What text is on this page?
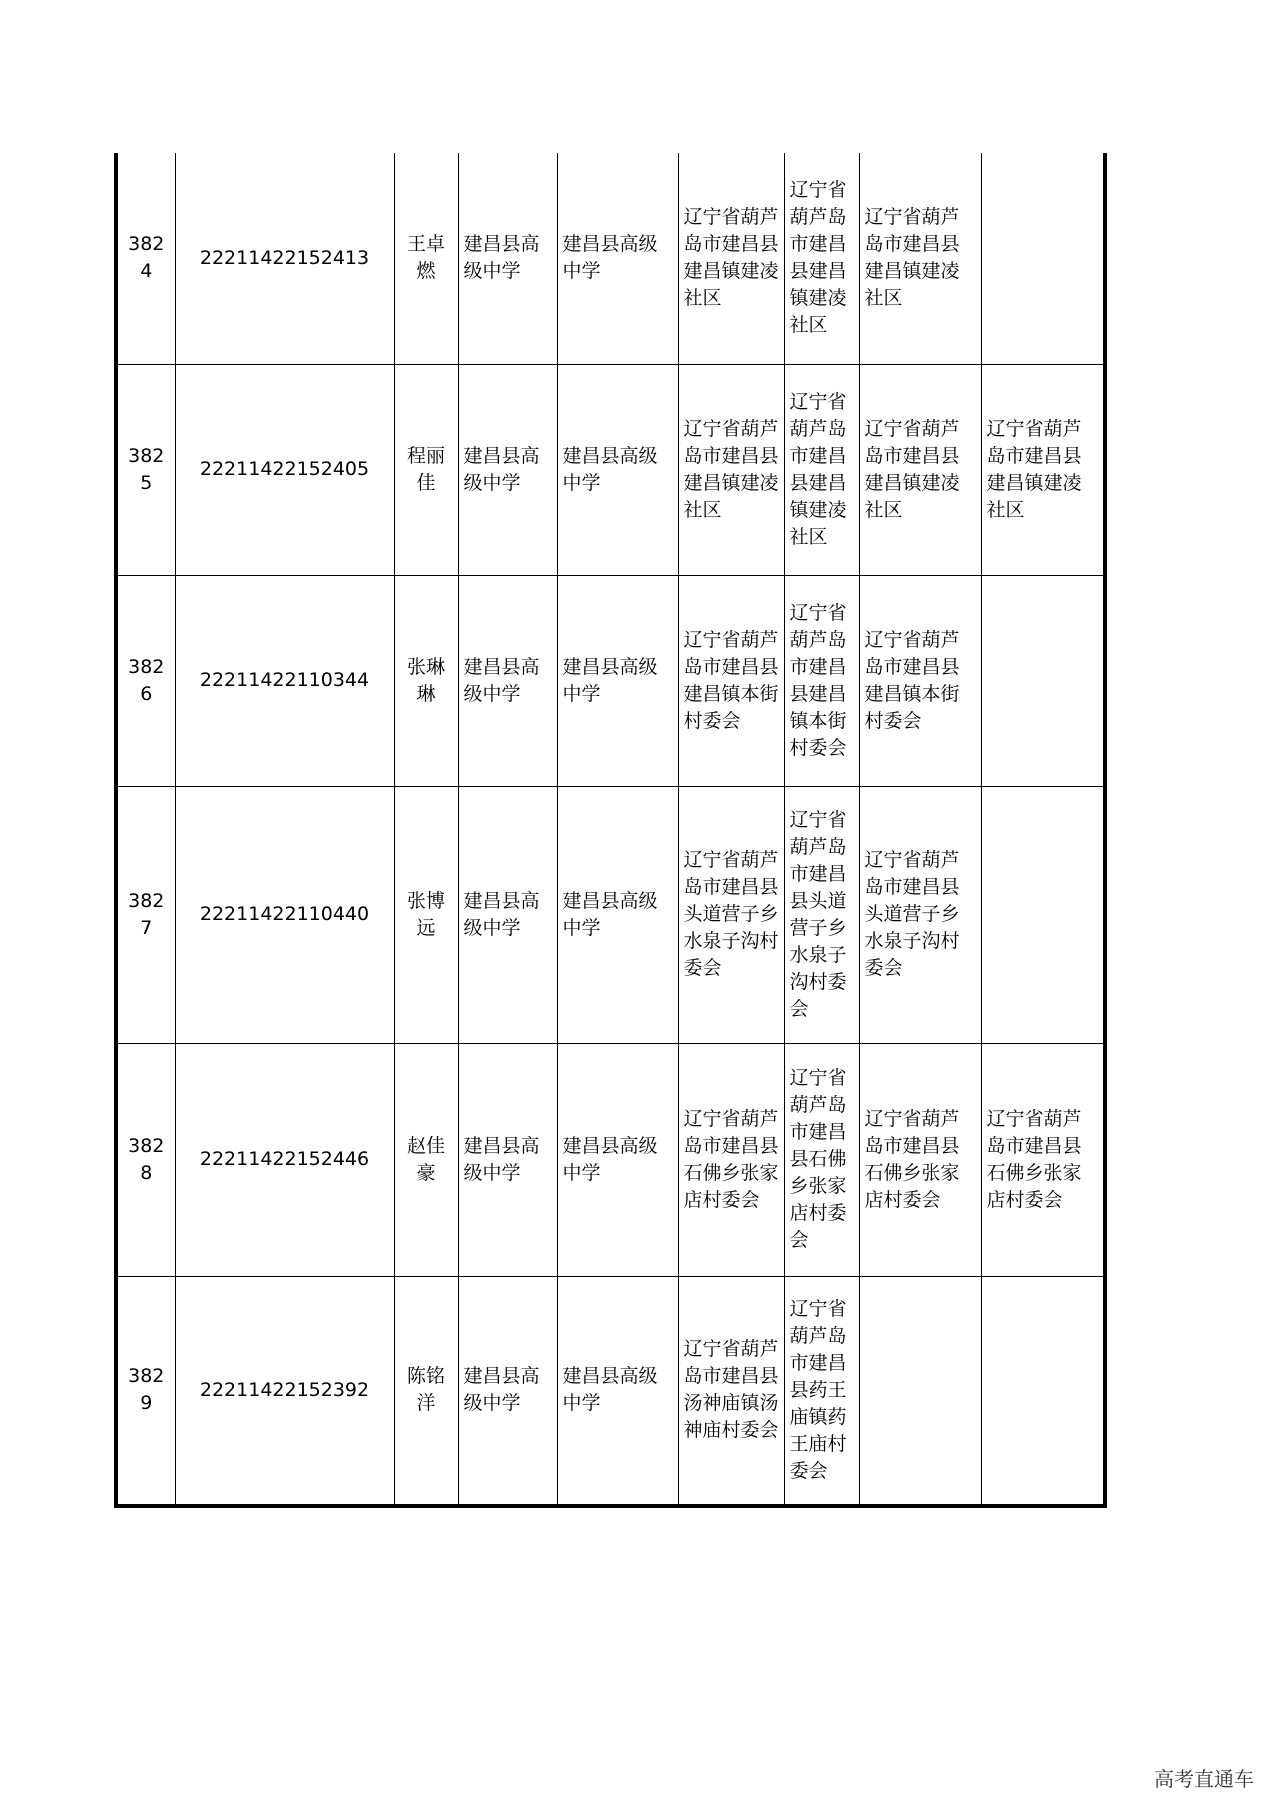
3824	22211422152413	王卓燃	建昌县高级中学	建昌县高级中学	辽宁省葫芦岛市建昌县建昌镇建凌社区	辽宁省葫芦岛市建昌县建昌镇建凌社区	辽宁省葫芦岛市建昌县建昌镇建凌社区	
3825	22211422152405	程丽佳	建昌县高级中学	建昌县高级中学	辽宁省葫芦岛市建昌县建昌镇建凌社区	辽宁省葫芦岛市建昌县建昌镇建凌社区	辽宁省葫芦岛市建昌县建昌镇建凌社区	辽宁省葫芦岛市建昌县建昌镇建凌社区
3826	22211422110344	张琳琳	建昌县高级中学	建昌县高级中学	辽宁省葫芦岛市建昌县建昌镇本街村委会	辽宁省葫芦岛市建昌县建昌镇本街村委会	辽宁省葫芦岛市建昌县建昌镇本街村委会	
3827	22211422110440	张博远	建昌县高级中学	建昌县高级中学	辽宁省葫芦岛市建昌县头道营子乡水泉子沟村委会	辽宁省葫芦岛市建昌县头道营子乡水泉子沟村委会	辽宁省葫芦岛市建昌县头道营子乡水泉子沟村委会	
3828	22211422152446	赵佳豪	建昌县高级中学	建昌县高级中学	辽宁省葫芦岛市建昌县石佛乡张家店村委会	辽宁省葫芦岛市建昌县石佛乡张家店村委会	辽宁省葫芦岛市建昌县石佛乡张家店村委会	辽宁省葫芦岛市建昌县石佛乡张家店村委会
3829	22211422152392	陈铭洋	建昌县高级中学	建昌县高级中学	辽宁省葫芦岛市建昌县汤神庙镇汤神庙村委会	辽宁省葫芦岛市建昌县药王庙镇药王庙村委会		
高考直通车
